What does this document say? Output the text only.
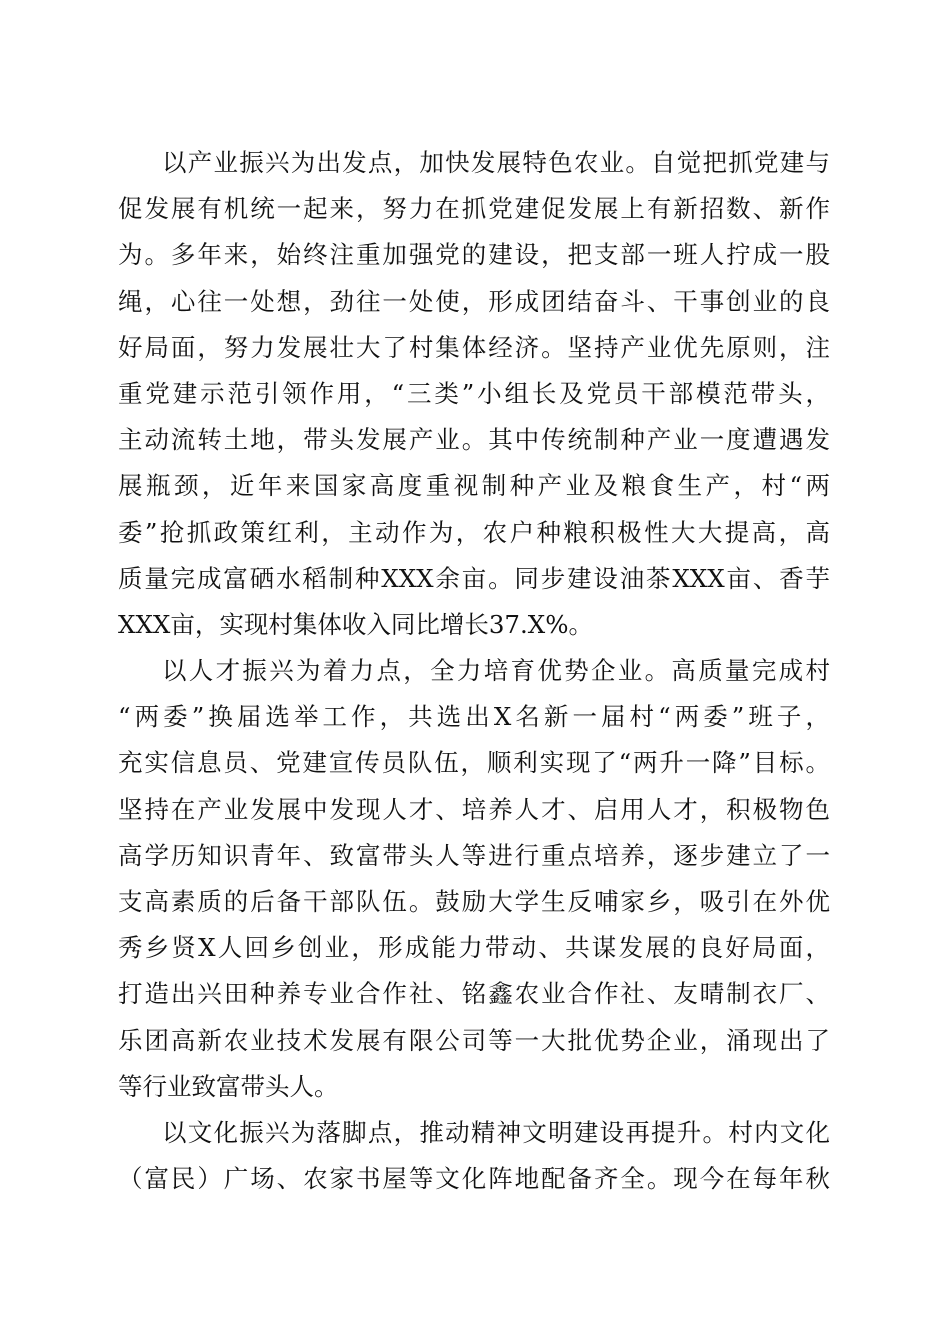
以产业振兴为出发点，加快发展特色农业。自觉把抓党建与
促发展有机统一起来，努力在抓党建促发展上有新招数、新作
为。多年来，始终注重加强党的建设，把支部一班人拧成一股
绳，心往一处想，劲往一处使，形成团结奋斗、干事创业的良
好局面，努力发展壮大了村集体经济。坚持产业优先原则，注
重党建示范引领作用，“三类”小组长及党员干部模范带头，
主动流转土地，带头发展产业。其中传统制种产业一度遭遇发
展瓶颈，近年来国家高度重视制种产业及粮食生产，村“两
委”抢抓政策红利，主动作为，农户种粮积极性大大提高，高
质量完成富硒水稻制种XXX余亩。同步建设油茶XXX亩、香芋
XXX亩，实现村集体收入同比增长37.X%。
以人才振兴为着力点，全力培育优势企业。高质量完成村
“两委”换届选举工作，共选出X名新一届村“两委”班子，
充实信息员、党建宣传员队伍，顺利实现了“两升一降”目标。
坚持在产业发展中发现人才、培养人才、启用人才，积极物色
高学历知识青年、致富带头人等进行重点培养，逐步建立了一
支高素质的后备干部队伍。鼓励大学生反哺家乡，吸引在外优
秀乡贤X人回乡创业，形成能力带动、共谋发展的良好局面，
打造出兴田种养专业合作社、铭鑫农业合作社、友晴制衣厂、
乐团高新农业技术发展有限公司等一大批优势企业，涌现出了
等行业致富带头人。
以文化振兴为落脚点，推动精神文明建设再提升。村内文化
（富民）广场、农家书屋等文化阵地配备齐全。现今在每年秋
